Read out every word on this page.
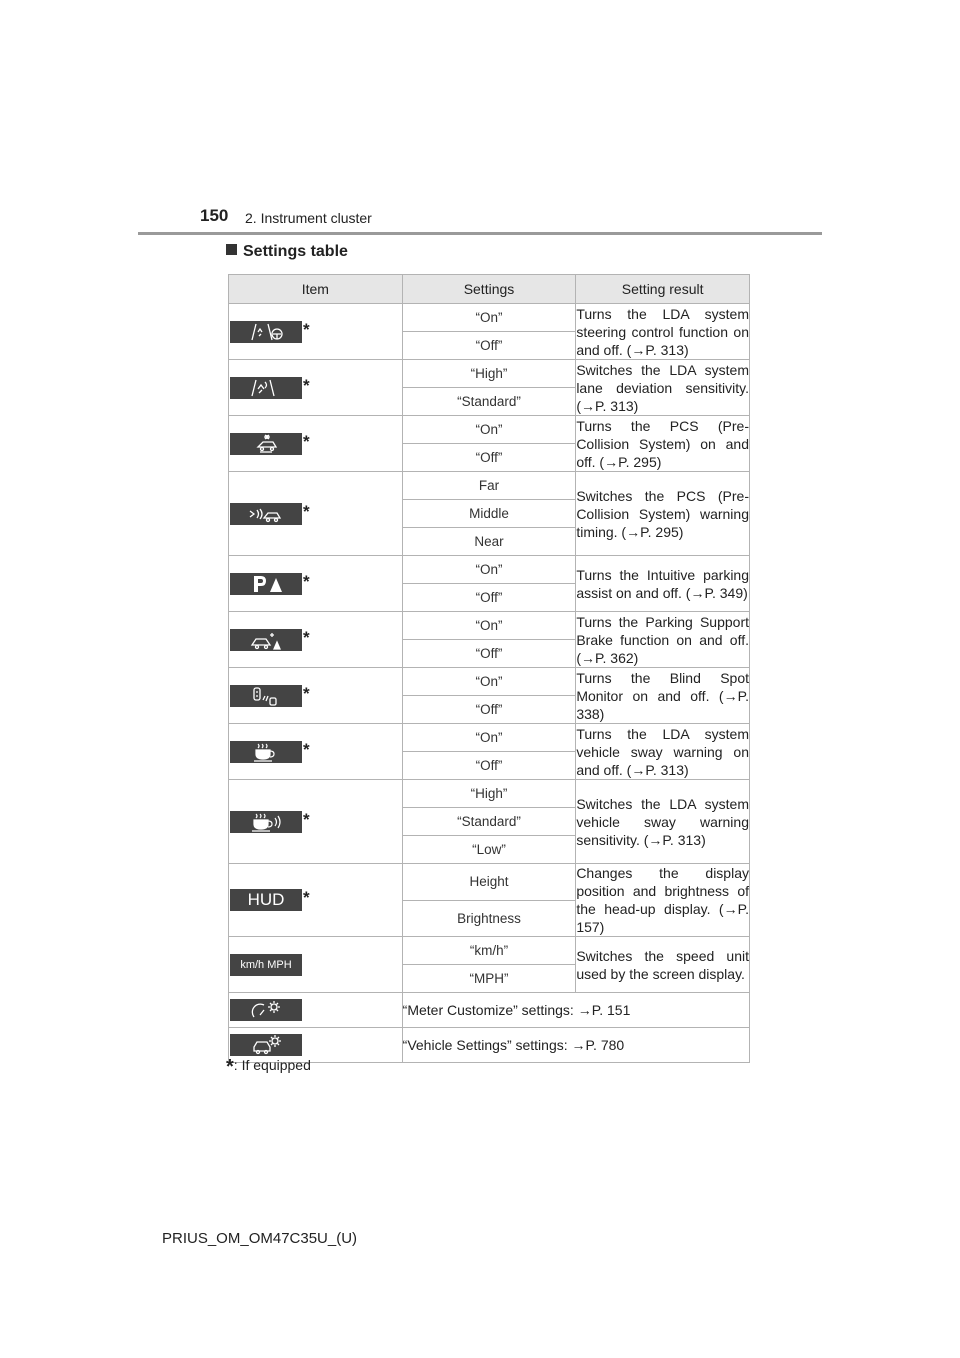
150 2. Instrument cluster
Settings table
Item	Settings	Setting result

*	“On”	Turns the LDA system steering control function on and off. (→P. 313)
	“Off”	

*	“High”	Switches the LDA system lane deviation sensitivity. (→P. 313)
	“Standard”	

*	“On”	Turns the PCS (Pre-Collision System) on and off. (→P. 295)
	“Off”	

*	Far	Switches the PCS (Pre-Collision System) warning timing. (→P. 295)
	Middle	
	Near	

*	“On”	Turns the Intuitive parking assist on and off. (→P. 349)
	“Off”	

*	“On”	Turns the Parking Support Brake function on and off. (→P. 362)
	“Off”	

*	“On”	Turns the Blind Spot Monitor on and off. (→P. 338)
	“Off”	

*	“On”	Turns the LDA system vehicle sway warning on and off. (→P. 313)
	“Off”	

*	“High”	Switches the LDA system vehicle sway warning sensitivity. (→P. 313)
	“Standard”	
	“Low”	

HUD *	Height	Changes the display position and brightness of the head-up display. (→P. 157)
	Brightness	

km/h MPH	“km/h”	Switches the speed unit used by the screen display.
	“MPH”	

	“Meter Customize” settings: →P. 151	

	“Vehicle Settings” settings: →P. 780	
*: If equipped
PRIUS_OM_OM47C35U_(U)
